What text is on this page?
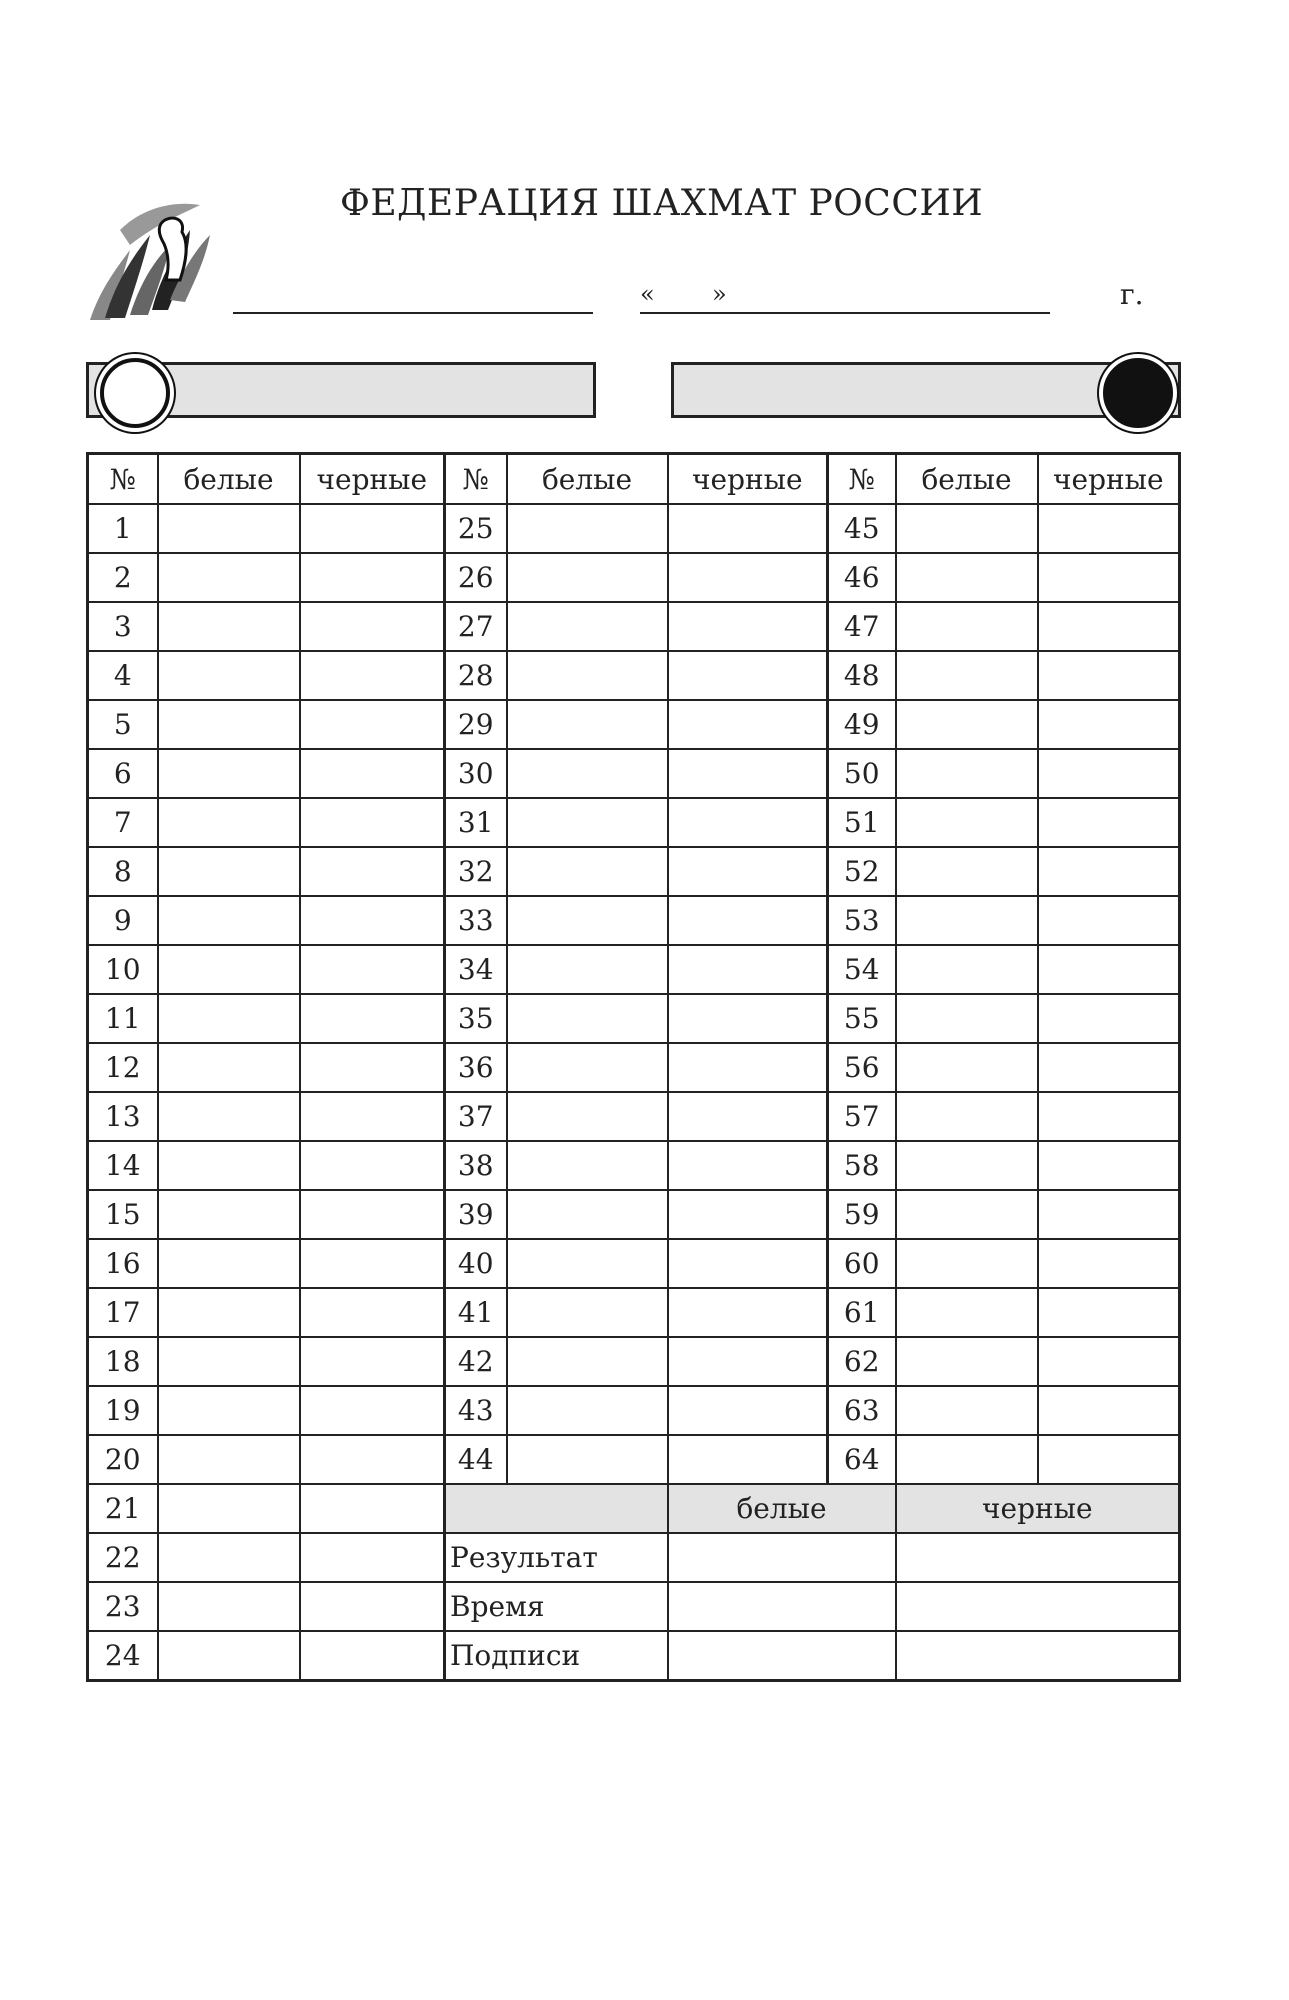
ФЕДЕРАЦИЯ ШАХМАТ РОССИИ
« »	г.
№	белые	черные	№	белые	черные	№	белые	черные
1			25			45		
2			26			46		
3			27			47		
4			28			48		
5			29			49		
6			30			50		
7			31			51		
8			32			52		
9			33			53		
10			34			54		
11			35			55		
12			36			56		
13			37			57		
14			38			58		
15			39			59		
16			40			60		
17			41			61		
18			42			62		
19			43			63		
20			44			64		
21					белые		черные	
22			Результат					
23			Время					
24			Подписи					
